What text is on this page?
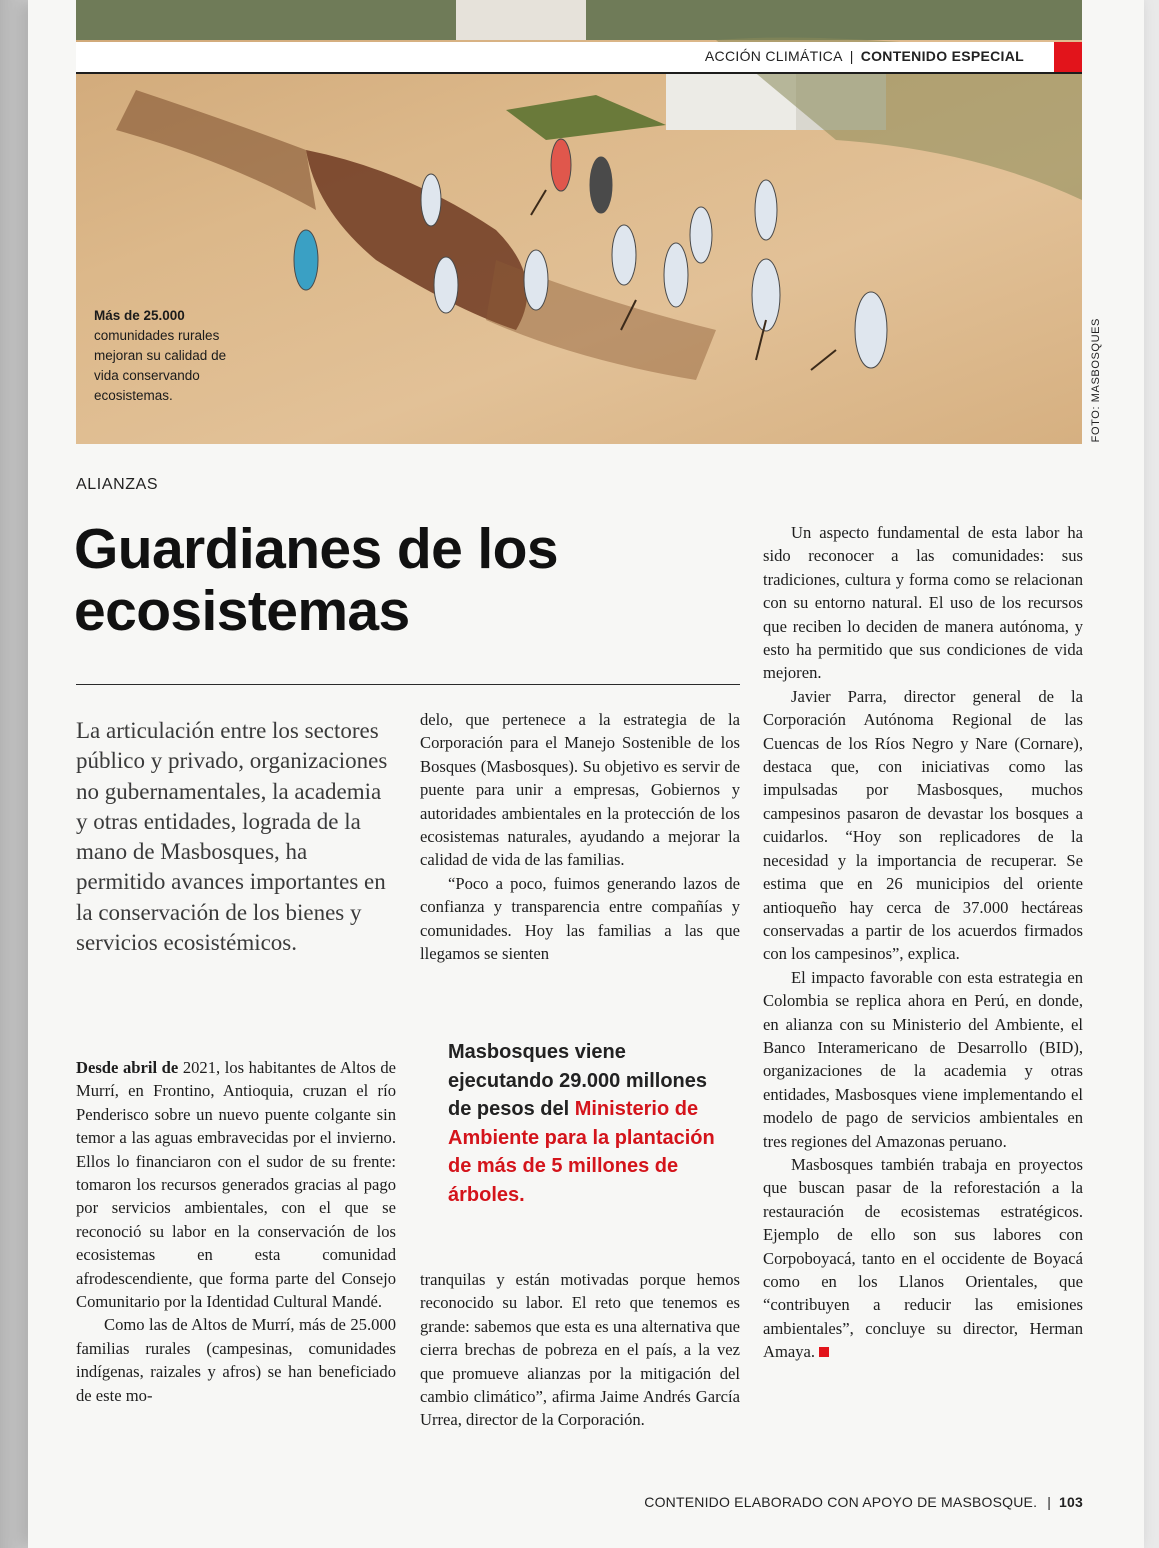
Más de 25.000 comunidades rurales mejoran su calidad de vida conservando ecosistemas.
ACCIÓN CLIMÁTICA | CONTENIDO ESPECIAL
FOTO: MASBOSQUES
ALIANZAS
Guardianes de los ecosistemas
La articulación entre los sectores público y privado, organizaciones no gubernamentales, la academia y otras entidades, lograda de la mano de Masbosques, ha permitido avances importantes en la conservación de los bienes y servicios ecosistémicos.

Desde abril de 2021, los habitantes de Altos de Murrí, en Frontino, Antioquia, cruzan el río Penderisco sobre un nuevo puente colgante sin temor a las aguas embravecidas por el invierno. Ellos lo financiaron con el sudor de su frente: tomaron los recursos generados gracias al pago por servicios ambientales, con el que se reconoció su labor en la conservación de los ecosistemas en esta comunidad afrodescendiente, que forma parte del Consejo Comunitario por la Identidad Cultural Mandé.

Como las de Altos de Murrí, más de 25.000 familias rurales (campesinas, comunidades indígenas, raizales y afros) se han beneficiado de este mo-

delo, que pertenece a la estrategia de la Corporación para el Manejo Sostenible de los Bosques (Masbosques). Su objetivo es servir de puente para unir a empresas, Gobiernos y autoridades ambientales en la protección de los ecosistemas naturales, ayudando a mejorar la calidad de vida de las familias.

“Poco a poco, fuimos generando lazos de confianza y transparencia entre compañías y comunidades. Hoy las familias a las que llegamos se sienten

Masbosques viene ejecutando 29.000 millones de pesos del Ministerio de Ambiente para la plantación de más de 5 millones de árboles.

tranquilas y están motivadas porque hemos reconocido su labor. El reto que tenemos es grande: sabemos que esta es una alternativa que cierra brechas de pobreza en el país, a la vez que promueve alianzas por la mitigación del cambio climático”, afirma Jaime Andrés García Urrea, director de la Corporación.

Un aspecto fundamental de esta labor ha sido reconocer a las comunidades: sus tradiciones, cultura y forma como se relacionan con su entorno natural. El uso de los recursos que reciben lo deciden de manera autónoma, y esto ha permitido que sus condiciones de vida mejoren.

Javier Parra, director general de la Corporación Autónoma Regional de las Cuencas de los Ríos Negro y Nare (Cornare), destaca que, con iniciativas como las impulsadas por Masbosques, muchos campesinos pasaron de devastar los bosques a cuidarlos. “Hoy son replicadores de la necesidad y la importancia de recuperar. Se estima que en 26 municipios del oriente antioqueño hay cerca de 37.000 hectáreas conservadas a partir de los acuerdos firmados con los campesinos”, explica.

El impacto favorable con esta estrategia en Colombia se replica ahora en Perú, en donde, en alianza con su Ministerio del Ambiente, el Banco Interamericano de Desarrollo (BID), organizaciones de la academia y otras entidades, Masbosques viene implementando el modelo de pago de servicios ambientales en tres regiones del Amazonas peruano.

Masbosques también trabaja en proyectos que buscan pasar de la reforestación a la restauración de ecosistemas estratégicos. Ejemplo de ello son sus labores con Corpoboyacá, tanto en el occidente de Boyacá como en los Llanos Orientales, que “contribuyen a reducir las emisiones ambientales”, concluye su director, Herman Amaya.

CONTENIDO ELABORADO CON APOYO DE MASBOSQUE. | 103
